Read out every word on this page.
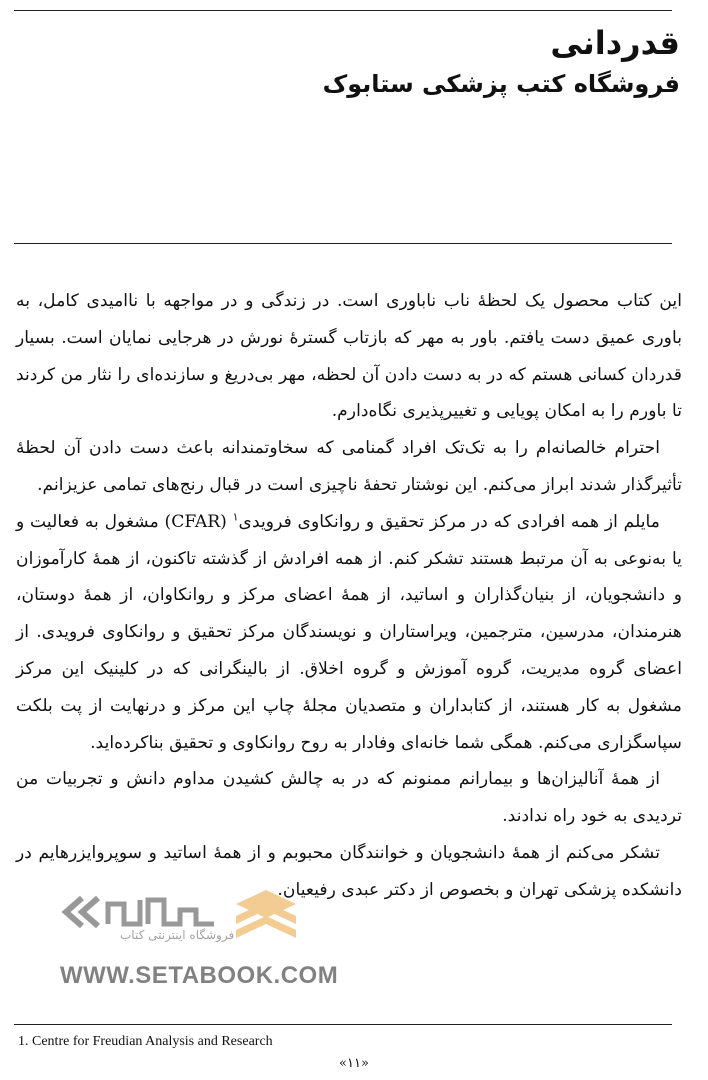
قدردانی
فروشگاه کتب پزشکی ستابوک

این کتاب محصول یک لحظهٔ ناب ناباوری است. در زندگی و در مواجهه با ناامیدی کامل، به باوری عمیق دست یافتم. باور به مهر که بازتاب گسترهٔ نورش در هرجایی نمایان است. بسیار قدردان کسانی هستم که در به دست دادن آن لحظه، مهر بی‌دریغ و سازنده‌ای را نثار من کردند تا باورم را به امکان پویایی و تغییرپذیری نگاه‌دارم.

احترام خالصانه‌ام را به تک‌تک افراد گمنامی که سخاوتمندانه باعث دست دادن آن لحظهٔ تأثیرگذار شدند ابراز می‌کنم. این نوشتار تحفهٔ ناچیزی است در قبال رنج‌های تمامی عزیزانم.

مایلم از همه افرادی که در مرکز تحقیق و روانکاوی فرویدی$^۱$ (CFAR) مشغول به فعالیت و یا به‌نوعی به آن مرتبط هستند تشکر کنم. از همه افرادش از گذشته تاکنون، از همهٔ کارآموزان و دانشجویان، از بنیان‌گذاران و اساتید، از همهٔ اعضای مرکز و روانکاوان، از همهٔ دوستان، هنرمندان، مدرسین، مترجمین، ویراستاران و نویسندگان مرکز تحقیق و روانکاوی فرویدی. از اعضای گروه مدیریت، گروه آموزش و گروه اخلاق. از بالینگرانی که در کلینیک این مرکز مشغول به کار هستند، از کتابداران و متصدیان مجلهٔ چاپ این مرکز و درنهایت از پت بلکت سپاسگزاری می‌کنم. همگی شما خانه‌ای وفادار به روح روانکاوی و تحقیق بناکرده‌اید.

از همهٔ آنالیزان‌ها و بیمارانم ممنونم که در به چالش کشیدن مداوم دانش و تجربیات من تردیدی به خود راه ندادند.

تشکر می‌کنم از همهٔ دانشجویان و خوانندگان محبوبم و از همهٔ اساتید و سوپروایزرهایم در دانشکده پزشکی تهران و بخصوص از دکتر عبدی رفیعیان.

فروشگاه اینترنتی کتاب
WWW.SETABOOK.COM
1. Centre for Freudian Analysis and Research
«۱۱»
